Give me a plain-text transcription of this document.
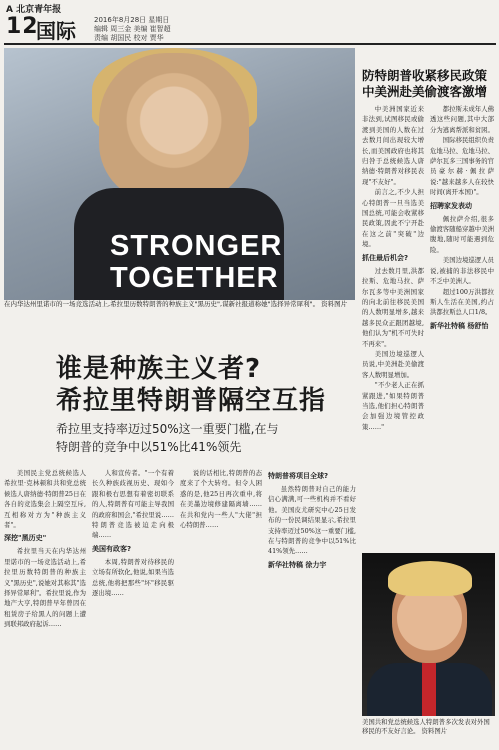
A 北京青年报
12
国际	2016年8月28日 星期日
编辑 周三金 美编 崔智超
责编 胡国民 校对 贾华
STRONGER
TOGETHER
在内华达州里诺市的一场竞选活动上,希拉里历数特朗普的种族主义"黑历史",谋新社报道称她"选择异常犀利"。 资料图片
防特朗普收紧移民政策 中美洲赴美偷渡客激增

中美洲国家近来非法到,试图移民或偷渡到美国的人数在过去数月间出现较大增长,而美国政府也将其归咎于总统候选人唐纳德·特朗普对移民表现"不友好"。

前言之,不少人担心特朗普一旦当选美国总统,可能会收紧移民政策,因此不宁开赴在这之前"突破"边境。

抓住最后机会?

过去数月里,洪都拉斯、危地马拉、萨尔瓦多等中美洲国家的向北前往移民美国的人数明显增多,越来越多民众正跟团越境,他们认为"机不可失时不再来"。

美国边境巡逻人员说,中美洲赴美偷渡客人数明显增加。

"不少老人正在抓紧跟进,"如果特朗普当选,他们担心特朗普会加强边境管控政策……"

都拉斯未成年人佛透这些问题,其中大部分为逃离帮派和贫困。

国际移民组织负责危地马拉、危地马拉、萨尔瓦多三国事务的官员豪尔赫·佩拉萨说:"越来越多人在较快时间(离开本国)"。

招聘家发表动

佩拉萨介绍,很多偷渡客随船穿越中美洲腹地,随时可能遇到危险。

美国边境巡逻人员说,被捕的非法移民中不乏中美洲人。

超过100万洪都拉斯人生活在美国,约占洪都拉斯总人口1/8。

新华社特稿 杨舒怡
谁是种族主义者?
希拉里特朗普隔空互指
希拉里支持率迈过50%这一重要门槛,在与
特朗普的竞争中以51%比41%领先

美国民主党总统候选人希拉里·克林顿和共和党总统候选人唐纳德·特朗普25日在各自的竞选集会上隔空互斥,互相称对方为"种族主义者"。

深挖"黑历史"

希拉里当天在内华达州里诺市的一场竞选活动上,希拉里历数特朗普的种族主义"黑历史",说她对其称其"选择异常犀利"。希拉里说,作为地产大亨,特朗普早年曾因在租赁房子给黑人的问题上遭到联邦政府起诉……

人和宣传者。"一个有着长久种族歧视历史、现如今跟和极右思想有着密切联系的人,特朗普有可能主导我国的政府和国会,"希拉里说……特朗普竞选被迫走向极端……

美国有政客?

本周,特朗普对待移民的立场有所软化,他说,如果当选总统,他将把那些"坏"移民驱逐出境……

说的话相比,特朗普的态度来了个大转弯。但令人困惑的是,他25日再次重申,将在美墨边境修建隔离墙……在共和党内一些人"大佬"担心特朗普……

特朗普将项目全球?

虽然特朗普对自己的能力信心满满,可一些机构并不看好他。美国皮尤研究中心25日发布的一份民调结果显示,希拉里支持率迈过50%这一重要门槛,在与特朗普的竞争中以51%比41%领先……

新华社特稿 徐力宇
美国共和党总统候选人特朗普多次发表对外国移民的不友好言论。 资料图片
